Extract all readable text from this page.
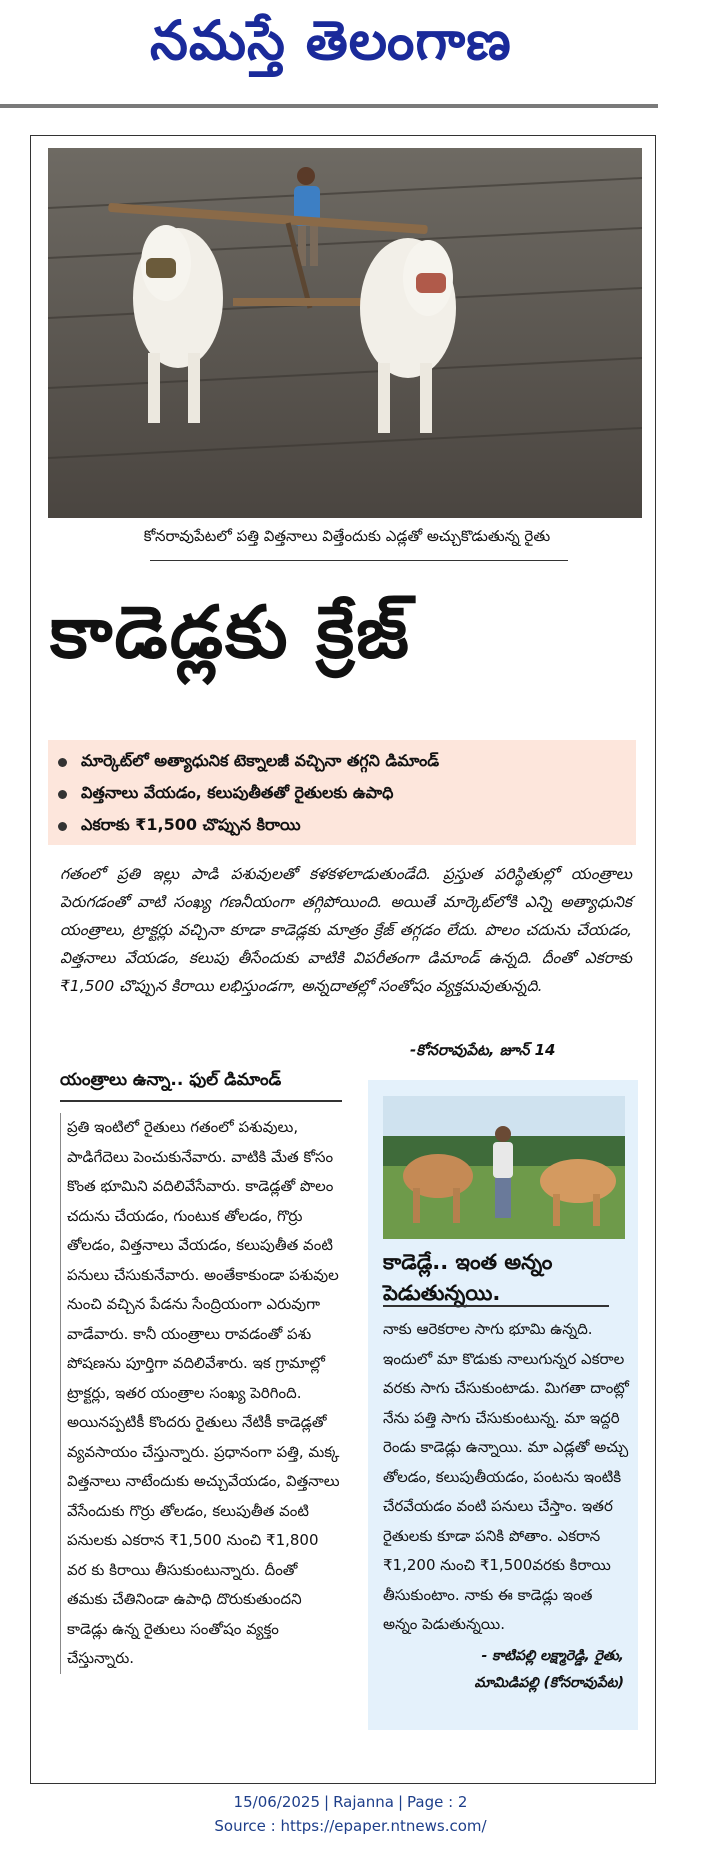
నమస్తే తెలంగాణ
కోనరావుపేటలో పత్తి విత్తనాలు విత్తేందుకు ఎడ్లతో అచ్చుకొడుతున్న రైతు
కాడెడ్లకు క్రేజ్
మార్కెట్‌లో అత్యాధునిక టెక్నాలజీ వచ్చినా తగ్గని డిమాండ్
విత్తనాలు వేయడం, కలుపుతీతతో రైతులకు ఉపాధి
ఎకరాకు ₹1,500 చొప్పున కిరాయి
గతంలో ప్రతి ఇల్లు పాడి పశువులతో కళకళలాడుతుండేది. ప్రస్తుత పరిస్థితుల్లో యంత్రాలు పెరుగడంతో వాటి సంఖ్య గణనీయంగా తగ్గిపోయింది. అయితే మార్కెట్‌లోకి ఎన్ని అత్యాధునిక యంత్రాలు, ట్రాక్టర్లు వచ్చినా కూడా కాడెడ్లకు మాత్రం క్రేజ్ తగ్గడం లేదు. పొలం చదును చేయడం, విత్తనాలు వేయడం, కలుపు తీసేందుకు వాటికి విపరీతంగా డిమాండ్ ఉన్నది. దీంతో ఎకరాకు ₹1,500 చొప్పున కిరాయి లభిస్తుండగా, అన్నదాతల్లో సంతోషం వ్యక్తమవుతున్నది.
-కోనరావుపేట, జూన్ 14
యంత్రాలు ఉన్నా.. ఫుల్ డిమాండ్
ప్రతి ఇంటిలో రైతులు గతంలో పశువులు, పాడిగేదెలు పెంచుకునేవారు. వాటికి మేత కోసం కొంత భూమిని వదిలివేసేవారు. కాడెడ్లతో పొలం చదును చేయడం, గుంటుక తోలడం, గొర్రు తోలడం, విత్తనాలు వేయడం, కలుపుతీత వంటి పనులు చేసుకునేవారు. అంతేకాకుండా పశువుల నుంచి వచ్చిన పేడను సేంద్రియంగా ఎరువుగా వాడేవారు. కానీ యంత్రాలు రావడంతో పశు పోషణను పూర్తిగా వదిలివేశారు. ఇక గ్రామాల్లో ట్రాక్టర్లు, ఇతర యంత్రాల సంఖ్య పెరిగింది. అయినప్పటికీ కొందరు రైతులు నేటికీ కాడెడ్లతో వ్యవసాయం చేస్తున్నారు. ప్రధానంగా పత్తి, మక్క విత్తనాలు నాటేందుకు అచ్చువేయడం, విత్తనాలు వేసేందుకు గొర్రు తోలడం, కలుపుతీత వంటి పనులకు ఎకరాన ₹1,500 నుంచి ₹1,800 వర కు కిరాయి తీసుకుంటున్నారు. దీంతో తమకు చేతినిండా ఉపాధి దొరుకుతుందని కాడెడ్లు ఉన్న రైతులు సంతోషం వ్యక్తం చేస్తున్నారు.
కాడెడ్లే.. ఇంత అన్నం
పెడుతున్నయి.
నాకు ఆరెకరాల సాగు భూమి ఉన్నది. ఇందులో మా కొడుకు నాలుగున్నర ఎకరాల వరకు సాగు చేసుకుంటాడు. మిగతా దాంట్లో నేను పత్తి సాగు చేసుకుంటున్న. మా ఇద్దరి రెండు కాడెడ్లు ఉన్నాయి. మా ఎడ్లతో అచ్చు తోలడం, కలుపుతీయడం, పంటను ఇంటికి చేరవేయడం వంటి పనులు చేస్తాం. ఇతర రైతులకు కూడా పనికి పోతాం. ఎకరాన ₹1,200 నుంచి ₹1,500వరకు కిరాయి తీసుకుంటాం. నాకు ఈ కాడెడ్లు ఇంత అన్నం పెడుతున్నయి.
- కాటిపల్లి లక్ష్మారెడ్డి, రైతు,
మామిడిపల్లి (కోనరావుపేట)
15/06/2025 | Rajanna | Page : 2
Source : https://epaper.ntnews.com/
